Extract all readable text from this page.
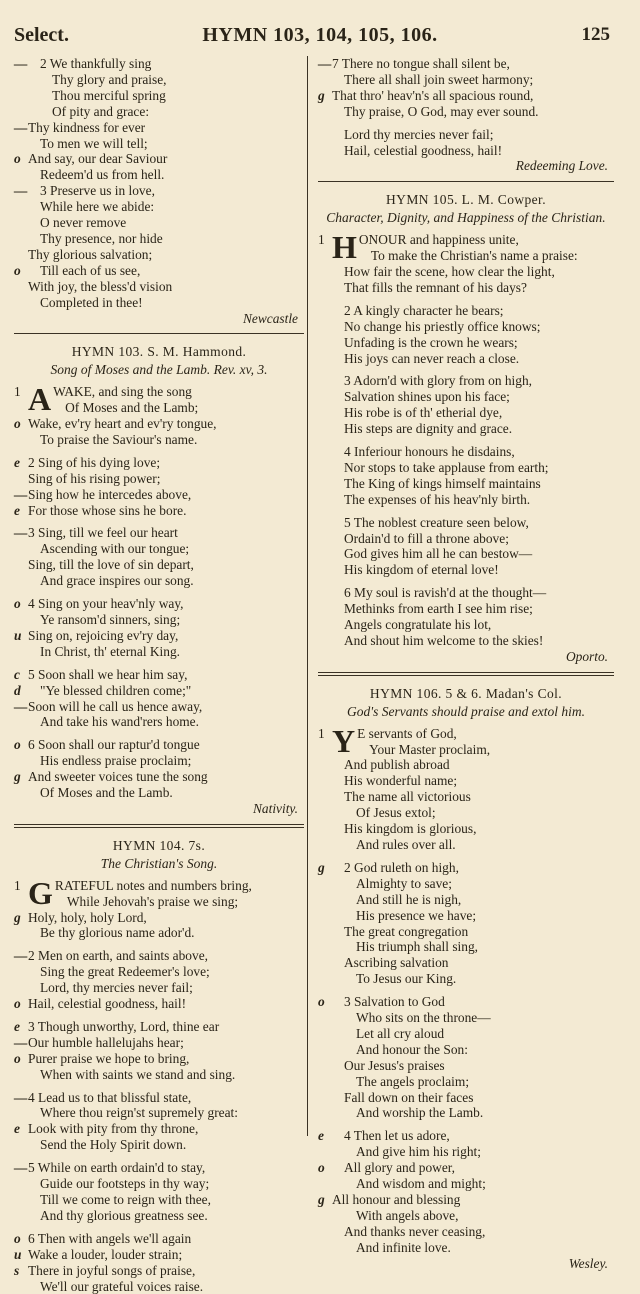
Select.	HYMN 103, 104, 105, 106.	125
— 2 We thankfully sing
Thy glory and praise,
Thou merciful spring
Of pity and grace:
— Thy kindness for ever
To men we will tell;
o And say, our dear Saviour
Redeem'd us from hell.
— 3 Preserve us in love,
While here we abide:
O never remove
Thy presence, nor hide
Thy glorious salvation;
o	Till each of us see,
With joy, the bless'd vision
Completed in thee!
Newcastle
HYMN 103. S. M. Hammond.
Song of Moses and the Lamb. Rev. xv, 3.
1 A WAKE, and sing the song
Of Moses and the Lamb;
o Wake, ev'ry heart and ev'ry tongue,
To praise the Saviour's name.
e 2 Sing of his dying love;
Sing of his rising power;
— Sing how he intercedes above,
e For those whose sins he bore.
— 3 Sing, till we feel our heart
Ascending with our tongue;
Sing, till the love of sin depart,
And grace inspires our song.
o 4 Sing on your heav'nly way,
Ye ransom'd sinners, sing;
u Sing on, rejoicing ev'ry day,
In Christ, th' eternal King.
c 5 Soon shall we hear him say,
d	"Ye blessed children come;"
— Soon will he call us hence away,
And take his wand'rers home.
o 6 Soon shall our raptur'd tongue
His endless praise proclaim;
g And sweeter voices tune the song
Of Moses and the Lamb.
Nativity.
HYMN 104. 7s.
The Christian's Song.
1 G RATEFUL notes and numbers bring,
While Jehovah's praise we sing;
g Holy, holy, holy Lord,
Be thy glorious name ador'd.
— 2 Men on earth, and saints above,
Sing the great Redeemer's love;
Lord, thy mercies never fail;
o Hail, celestial goodness, hail!
e 3 Though unworthy, Lord, thine ear
— Our humble hallelujahs hear;
o Purer praise we hope to bring,
When with saints we stand and sing.
— 4 Lead us to that blissful state,
Where thou reign'st supremely great:
e Look with pity from thy throne,
Send the Holy Spirit down.
— 5 While on earth ordain'd to stay,
Guide our footsteps in thy way;
Till we come to reign with thee,
And thy glorious greatness see.
o 6 Then with angels we'll again
u Wake a louder, louder strain;
s There in joyful songs of praise,
We'll our grateful voices raise.
— 7 There no tongue shall silent be,
There all shall join sweet harmony;
g That thro' heav'n's all spacious round,
Thy praise, O God, may ever sound.
Lord thy mercies never fail;
Hail, celestial goodness, hail!
Redeeming Love.
HYMN 105. L. M. Cowper.
Character, Dignity, and Happiness of the Christian.
1 H ONOUR and happiness unite,
To make the Christian's name a praise:
How fair the scene, how clear the light,
That fills the remnant of his days?
2 A kingly character he bears;
No change his priestly office knows;
Unfading is the crown he wears;
His joys can never reach a close.
3 Adorn'd with glory from on high,
Salvation shines upon his face;
His robe is of th' etherial dye,
His steps are dignity and grace.
4 Inferiour honours he disdains,
Nor stops to take applause from earth;
The King of kings himself maintains
The expenses of his heav'nly birth.
5 The noblest creature seen below,
Ordain'd to fill a throne above;
God gives him all he can bestow—
His kingdom of eternal love!
6 My soul is ravish'd at the thought—
Methinks from earth I see him rise;
Angels congratulate his lot,
And shout him welcome to the skies!
Oporto.
HYMN 106. 5 & 6. Madan's Col.
God's Servants should praise and extol him.
1 Y E servants of God,
Your Master proclaim,
And publish abroad
His wonderful name;
The name all victorious
Of Jesus extol;
His kingdom is glorious,
And rules over all.
g	2 God ruleth on high,
Almighty to save;
And still he is nigh,
His presence we have;
The great congregation
His triumph shall sing,
Ascribing salvation
To Jesus our King.
o	3 Salvation to God
Who sits on the throne—
Let all cry aloud
And honour the Son:
Our Jesus's praises
The angels proclaim;
Fall down on their faces
And worship the Lamb.
e	4 Then let us adore,
And give him his right;
o	All glory and power,
And wisdom and might;
g All honour and blessing
With angels above,
And thanks never ceasing,
And infinite love.
Wesley.
